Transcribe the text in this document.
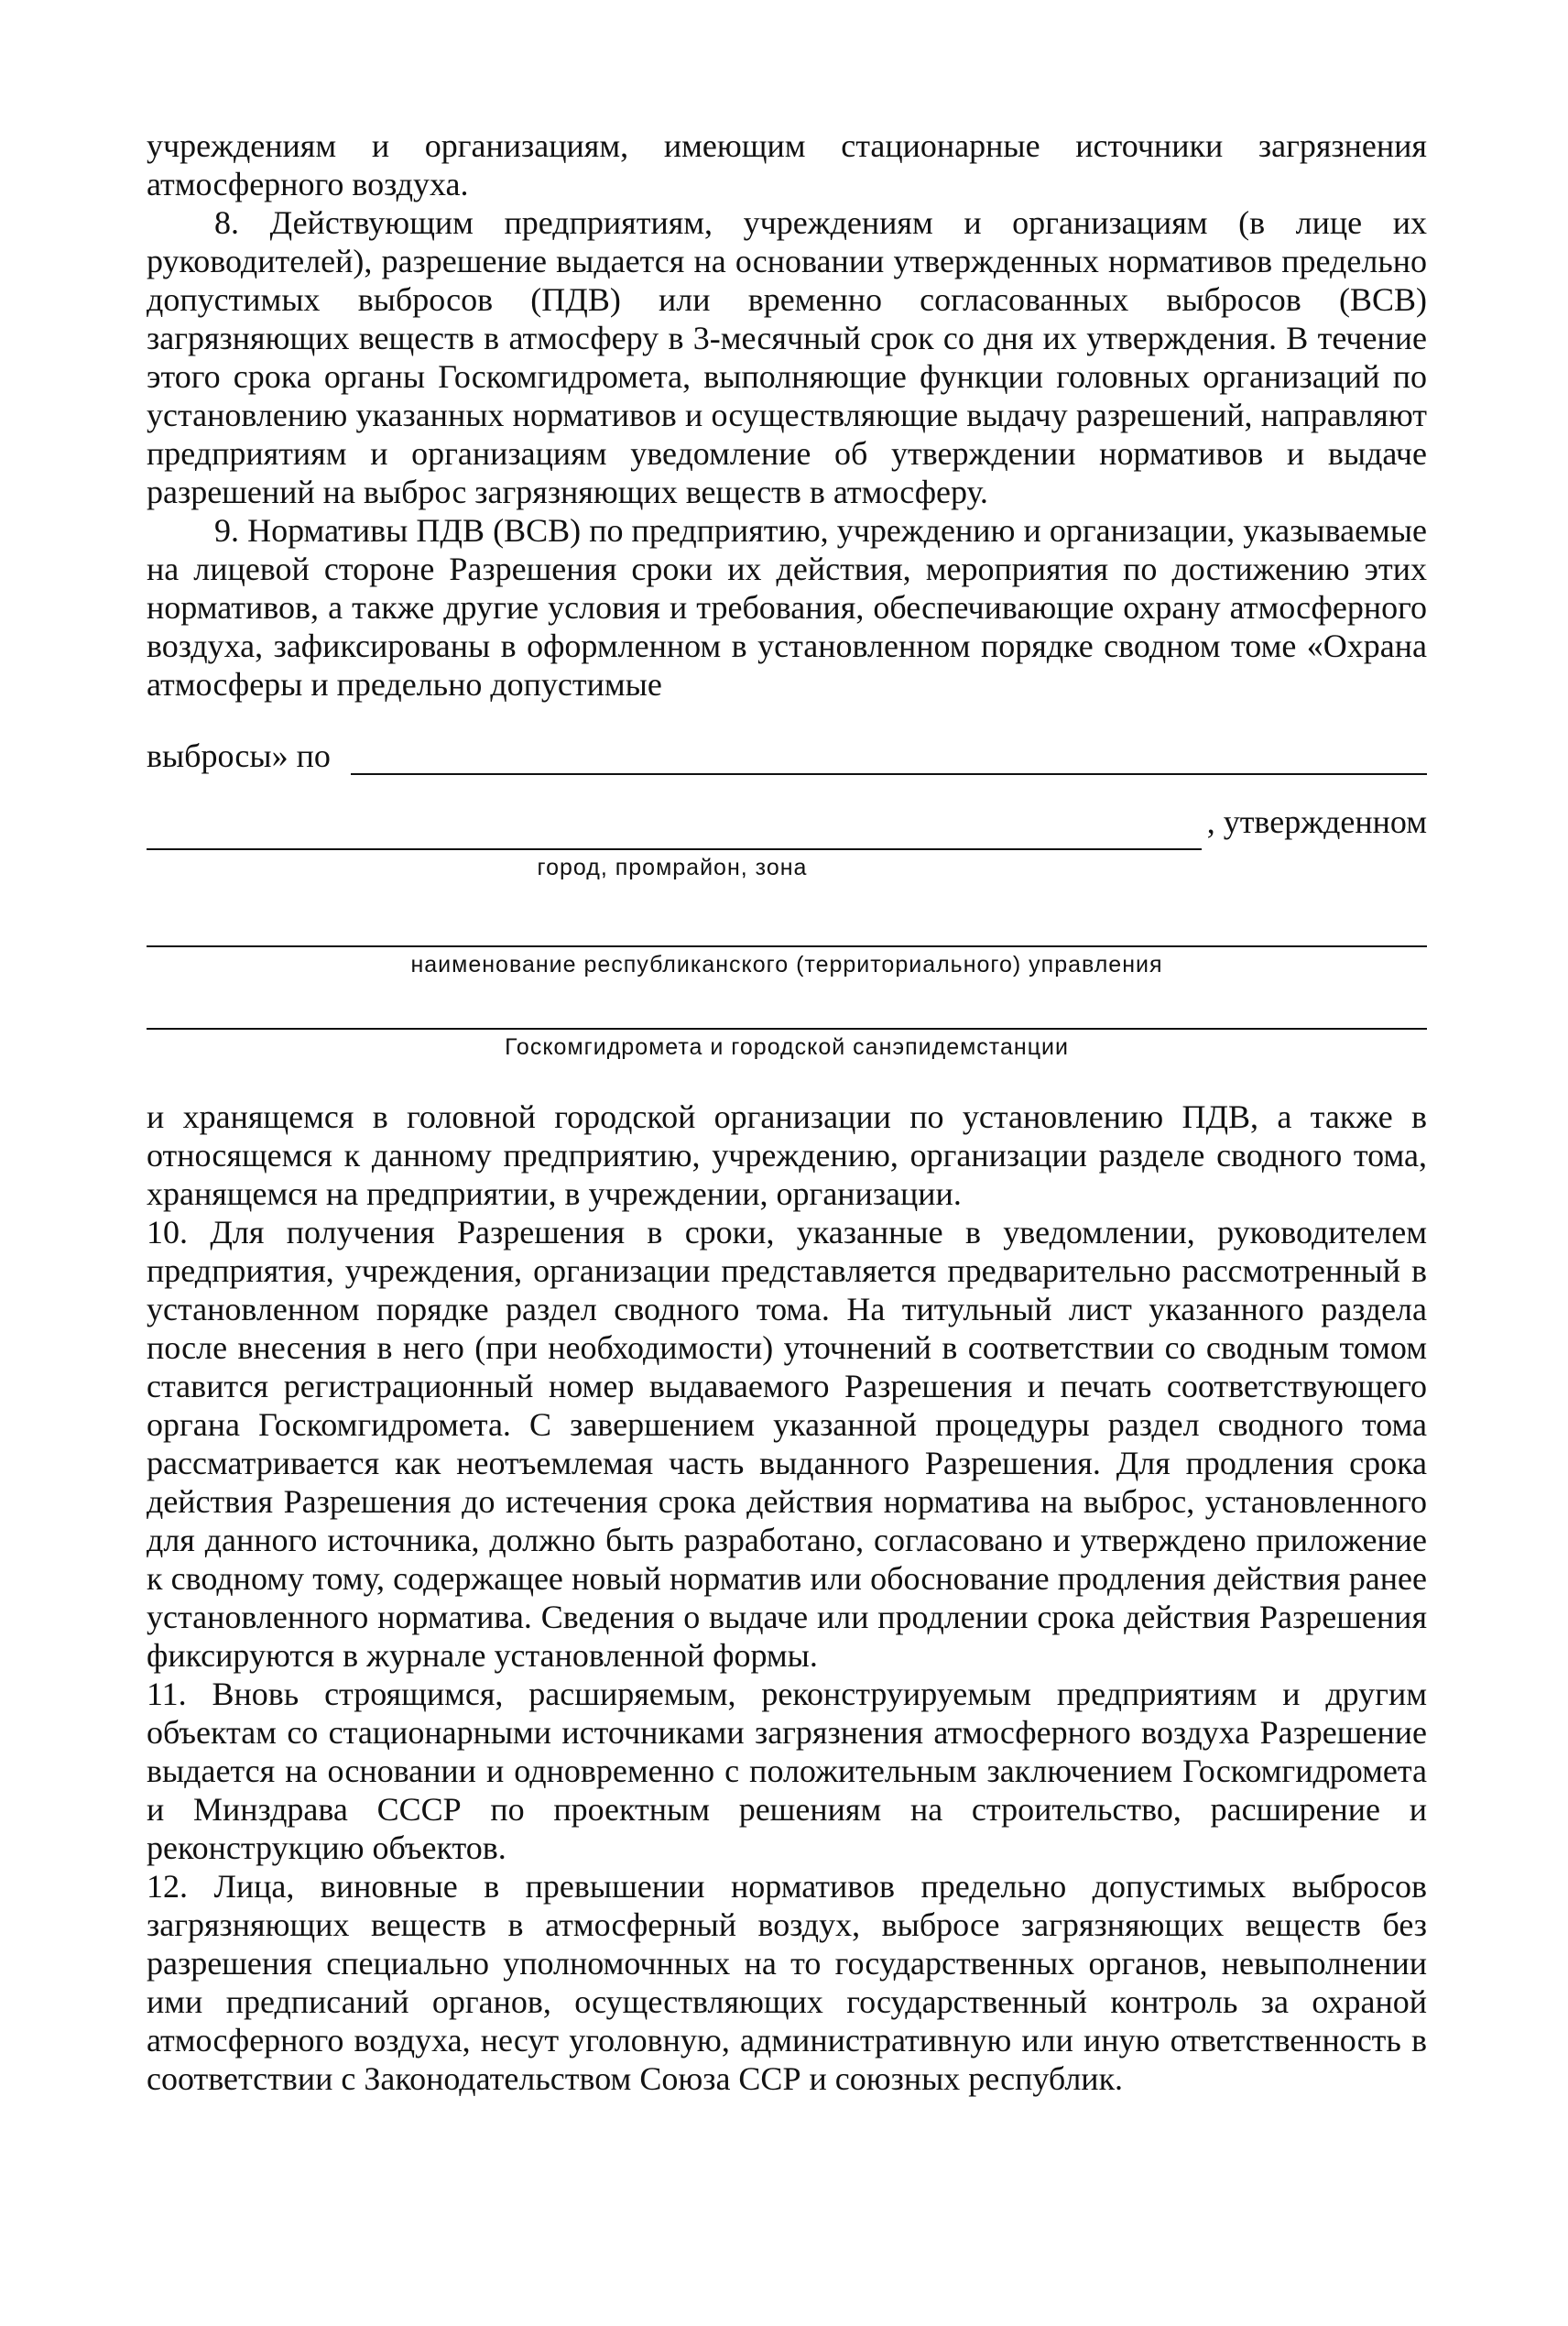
учреждениям и организациям, имеющим стационарные источники загрязнения атмосферного воздуха.

8. Действующим предприятиям, учреждениям и организациям (в лице их руководителей), разрешение выдается на основании утвержденных нормативов предельно допустимых выбросов (ПДВ) или временно согласованных выбросов (ВСВ) загрязняющих веществ в атмосферу в 3-месячный срок со дня их утверждения. В течение этого срока органы Госкомгидромета, выполняющие функции головных организаций по установлению указанных нормативов и осуществляющие выдачу разрешений, направляют предприятиям и организациям уведомление об утверждении нормативов и выдаче разрешений на выброс загрязняющих веществ в атмосферу.

9. Нормативы ПДВ (ВСВ) по предприятию, учреждению и организации, указываемые на лицевой стороне Разрешения сроки их действия, мероприятия по достижению этих нормативов, а также другие условия и требования, обеспечивающие охрану атмосферного воздуха, зафиксированы в оформленном в установленном порядке сводном томе «Охрана атмосферы и предельно допустимые

выбросы» по
, утвержденном
город, промрайон, зона
наименование республиканского (территориального) управления
Госкомгидромета и городской санэпидемстанции

и хранящемся в головной городской организации по установлению ПДВ, а также в относящемся к данному предприятию, учреждению, организации разделе сводного тома, хранящемся на предприятии, в учреждении, организации.

10. Для получения Разрешения в сроки, указанные в уведомлении, руководителем предприятия, учреждения, организации представляется предварительно рассмотренный в установленном порядке раздел сводного тома. На титульный лист указанного раздела после внесения в него (при необходимости) уточнений в соответствии со сводным томом ставится регистрационный номер выдаваемого Разрешения и печать соответствующего органа Госкомгидромета. С завершением указанной процедуры раздел сводного тома рассматривается как неотъемлемая часть выданного Разрешения. Для продления срока действия Разрешения до истечения срока действия норматива на выброс, установленного для данного источника, должно быть разработано, согласовано и утверждено приложение к сводному тому, содержащее новый норматив или обоснование продления действия ранее установленного норматива. Сведения о выдаче или продлении срока действия Разрешения фиксируются в журнале установленной формы.

11. Вновь строящимся, расширяемым, реконструируемым предприятиям и другим объектам со стационарными источниками загрязнения атмосферного воздуха Разрешение выдается на основании и одновременно с положительным заключением Госкомгидромета и Минздрава СССР по проектным решениям на строительство, расширение и реконструкцию объектов.

12. Лица, виновные в превышении нормативов предельно допустимых выбросов загрязняющих веществ в атмосферный воздух, выбросе загрязняющих веществ без разрешения специально уполномочнных на то государственных органов, невыполнении ими предписаний органов, осуществляющих государственный контроль за охраной атмосферного воздуха, несут уголовную, административную или иную ответственность в соответствии с Законодательством Союза ССР и союзных республик.
